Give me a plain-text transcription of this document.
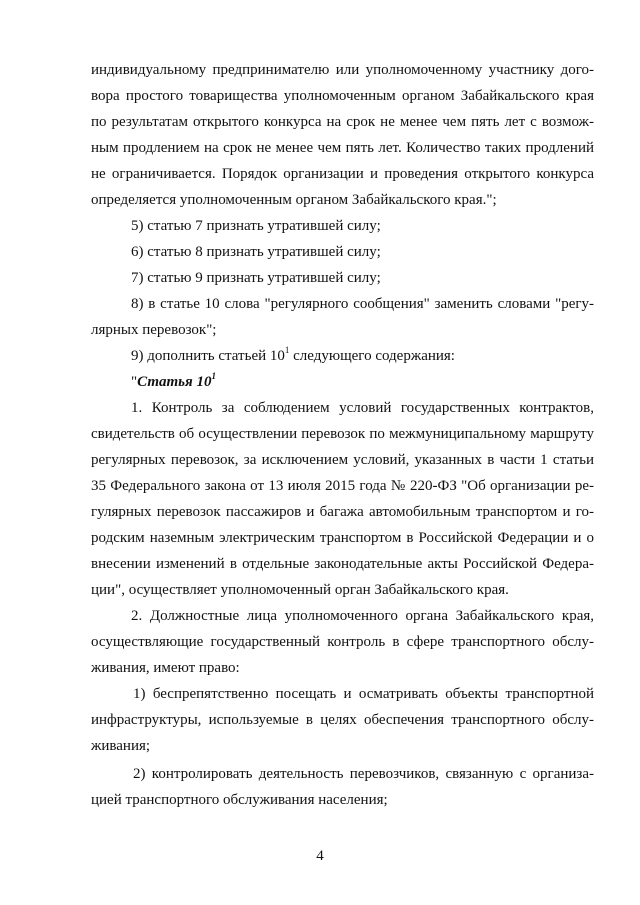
индивидуальному предпринимателю или уполномоченному участнику дого-
вора простого товарищества уполномоченным органом Забайкальского края
по результатам открытого конкурса на срок не менее чем пять лет с возмож-
ным продлением на срок не менее чем пять лет. Количество таких продлений
не ограничивается. Порядок организации и проведения открытого конкурса
определяется уполномоченным органом Забайкальского края.";
5) статью 7 признать утратившей силу;
6) статью 8 признать утратившей силу;
7) статью 9 признать утратившей силу;
8) в статье 10 слова "регулярного сообщения" заменить словами "регу-
лярных перевозок";
9) дополнить статьей $10^1$ следующего содержания:
"Статья $10^1$
1. Контроль за соблюдением условий государственных контрактов,
свидетельств об осуществлении перевозок по межмуниципальному маршруту
регулярных перевозок, за исключением условий, указанных в части 1 статьи
35 Федерального закона от 13 июля 2015 года № 220-ФЗ "Об организации ре-
гулярных перевозок пассажиров и багажа автомобильным транспортом и го-
родским наземным электрическим транспортом в Российской Федерации и о
внесении изменений в отдельные законодательные акты Российской Федера-
ции", осуществляет уполномоченный орган Забайкальского края.
2. Должностные лица уполномоченного органа Забайкальского края,
осуществляющие государственный контроль в сфере транспортного обслу-
живания, имеют право:
1) беспрепятственно посещать и осматривать объекты транспортной
инфраструктуры, используемые в целях обеспечения транспортного обслу-
живания;
2) контролировать деятельность перевозчиков, связанную с организа-
цией транспортного обслуживания населения;
4
